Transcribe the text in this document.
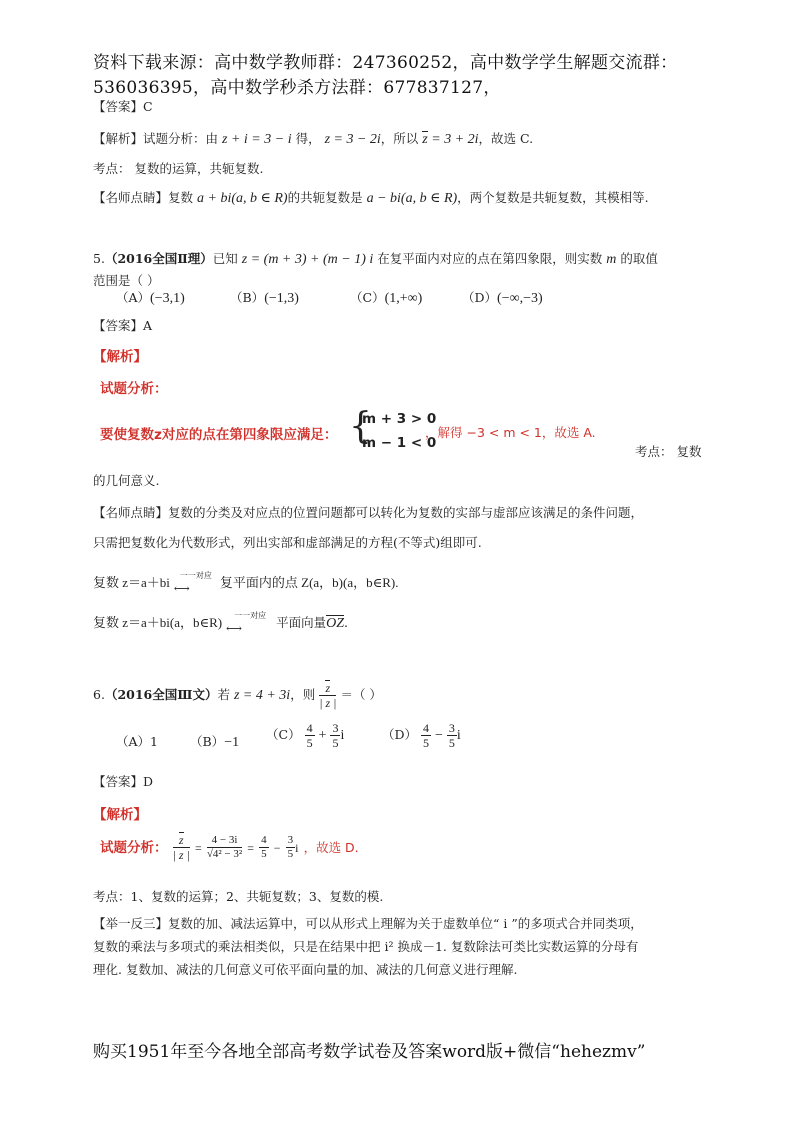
资料下载来源：高中数学教师群：247360252，高中数学学生解题交流群：
536036395，高中数学秒杀方法群：677837127，
【答案】C
【解析】试题分析：由 z + i = 3 − i 得， z = 3 − 2i，所以 z = 3 + 2i，故选 C.
考点： 复数的运算，共轭复数.
【名师点睛】复数 a + bi(a, b ∈ R)的共轭复数是 a − bi(a, b ∈ R)，两个复数是共轭复数，其模相等.
5.（2016全国Ⅱ理）已知 z = (m + 3) + (m − 1) i 在复平面内对应的点在第四象限，则实数 m 的取值
范围是（ ）
（A）(−3,1)	（B）(−1,3)	（C）(1,+∞)	（D）(−∞,−3)
【答案】A
【解析】
试题分析：
要使复数z对应的点在第四象限应满足： {
m + 3 > 0
m − 1 < 0
，解得 −3 < m < 1，故选 A.
考点： 复数
的几何意义.
【名师点睛】复数的分类及对应点的位置问题都可以转化为复数的实部与虚部应该满足的条件问题，
只需把复数化为代数形式，列出实部和虚部满足的方程(不等式)组即可.
复数 z＝a＋bi 一一对应
⟷ 复平面内的点 Z(a，b)(a，b∈R).
复数 z＝a＋bi(a，b∈R) 一一对应
⟷	平面向量OZ.
6.（2016全国Ⅲ文）若 z = 4 + 3i，则 $\frac{z}{| z |}$ ＝（ ）
（A）1	（B）−1
$(C) \frac{4}{5} + \frac{3}{5}$ i	$(D) \frac{4}{5} - \frac{3}{5}$ i
【答案】D
【解析】
试题分析： $\frac{z}{| z |} = \frac{4 - 3i}{\text{√4² − 3²}} = \frac{4}{5} - \frac{3}{5}$ i ，故选 D.
考点：1、复数的运算；2、共轭复数；3、复数的模.
【举一反三】复数的加、减法运算中，可以从形式上理解为关于虚数单位“ i ”的多项式合并同类项，
复数的乘法与多项式的乘法相类似，只是在结果中把 i² 换成－1. 复数除法可类比实数运算的分母有
理化. 复数加、减法的几何意义可依平面向量的加、减法的几何意义进行理解.
购买1951年至今各地全部高考数学试卷及答案word版+微信“hehezmv”
